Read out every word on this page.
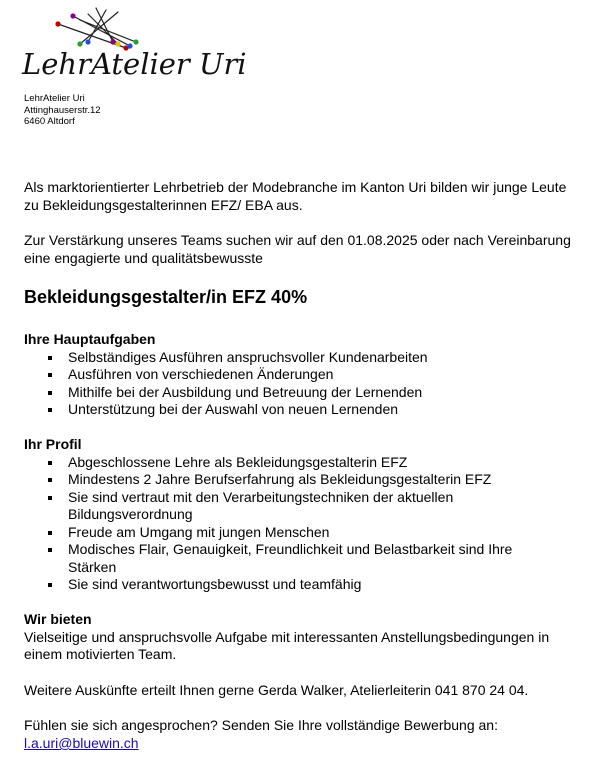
LehrAtelier Uri
LehrAtelier Uri
Attinghauserstr.12
6460 Altdorf

Als marktorientierter Lehrbetrieb der Modebranche im Kanton Uri bilden wir junge Leute zu Bekleidungsgestalterinnen EFZ/ EBA aus.

Zur Verstärkung unseres Teams suchen wir auf den 01.08.2025 oder nach Vereinbarung eine engagierte und qualitätsbewusste

Bekleidungsgestalter/in EFZ 40%
Ihre Hauptaufgaben
Selbständiges Ausführen anspruchsvoller Kundenarbeiten
Ausführen von verschiedenen Änderungen
Mithilfe bei der Ausbildung und Betreuung der Lernenden
Unterstützung bei der Auswahl von neuen Lernenden
Ihr Profil
Abgeschlossene Lehre als Bekleidungsgestalterin EFZ
Mindestens 2 Jahre Berufserfahrung als Bekleidungsgestalterin EFZ
Sie sind vertraut mit den Verarbeitungstechniken der aktuellen Bildungsverordnung
Freude am Umgang mit jungen Menschen
Modisches Flair, Genauigkeit, Freundlichkeit und Belastbarkeit sind Ihre Stärken
Sie sind verantwortungsbewusst und teamfähig
Wir bieten

Vielseitige und anspruchsvolle Aufgabe mit interessanten Anstellungsbedingungen in einem motivierten Team.

Weitere Auskünfte erteilt Ihnen gerne Gerda Walker, Atelierleiterin 041 870 24 04.

Fühlen sie sich angesprochen? Senden Sie Ihre vollständige Bewerbung an:

l.a.uri@bluewin.ch
